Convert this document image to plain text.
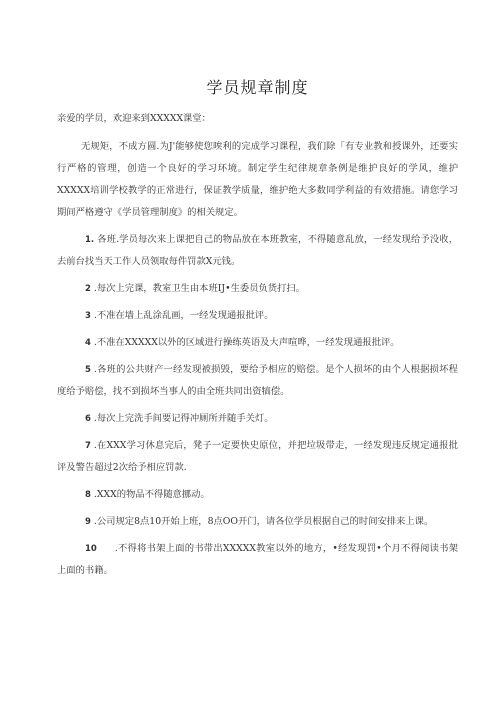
学员规章制度

亲爱的学员，欢迎来到XXXXX课堂：

无规矩，不成方圆.为J'能够使您唉利的完成学习课程，我们除「有专业教和授课外，还要实行严格的管理，创造一个良好的学习环境。制定学生纪律规章条例是维护良好的学风，维护XXXXX培训学校教学的正常进行，保证教学质量，维护绝大多数同学利益的有效措施。请您学习期间严格遵守《学员管理制度》的相关规定。

1. 各班.学员每次来上课把自己的物品放在本班教室，不得随意乱放，一经发现给予没收，去前台找当天工作人员领取每件罚款X元钱。
2 .每次上完课，教室卫生由本班IJ•生委员负货打扫。
3 .不准在墙上乱涂乱画，一经发现通报批评。
4 .不准在XXXXX以外的区域进行操练英语及大声喧哗，一经发现通报批评。
5 .各班的公共财产一经发现被损毁，要给予相应的赔偿。是个人损坏的由个人根据损坏程度给予赔偿，找不到损坏当事人的由全班共同出资犒偿。
6 .每次上完洗手间要记得冲厕所并随手关灯。
7 .在XXX学习休息完后，凳子一定要快史原位，并把垃圾带走，一经发现违反规定通报批评及警告超过2次给予相应罚款.
8 .XXX的物品不得随意挪动。
9 .公司规定8点10开始上班，8点OO开门，请各位学员根据自己的时间安排来上课。
10 .不得将书架上面的书带出XXXXX教室以外的地方，•经发现罚•个月不得阅读书架上面的书籍。
